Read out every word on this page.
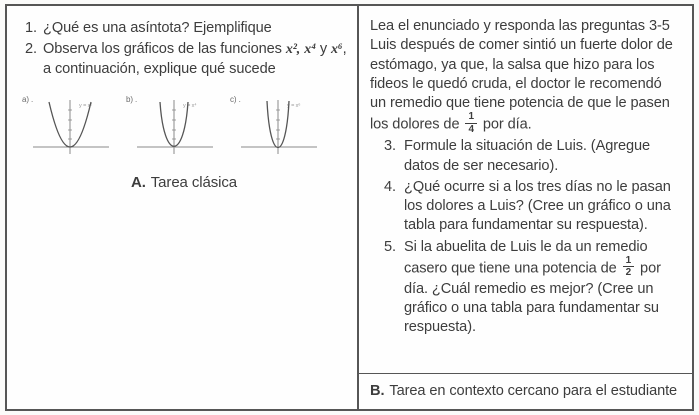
1. ¿Qué es una asíntota? Ejemplifique
2. Observa los gráficos de las funciones x², x⁴ y x⁶, a continuación, explique qué sucede
a) .
y = x²
b) .
y = x⁴
c) .
y = x⁶
A. Tarea clásica
Lea el enunciado y responda las preguntas 3-5
Luis después de comer sintió un fuerte dolor de estómago, ya que, la salsa que hizo para los fideos le quedó cruda, el doctor le recomendó un remedio que tiene potencia de que le pasen los dolores de $\frac{1}{4}$ por día.
3. Formule la situación de Luis. (Agregue datos de ser necesario).
4. ¿Qué ocurre si a los tres días no le pasan los dolores a Luis? (Cree un gráfico o una tabla para fundamentar su respuesta).
5. Si la abuelita de Luis le da un remedio casero que tiene una potencia de $\frac{1}{2}$ por día. ¿Cuál remedio es mejor? (Cree un gráfico o una tabla para fundamentar su respuesta).
B. Tarea en contexto cercano para el estudiante
